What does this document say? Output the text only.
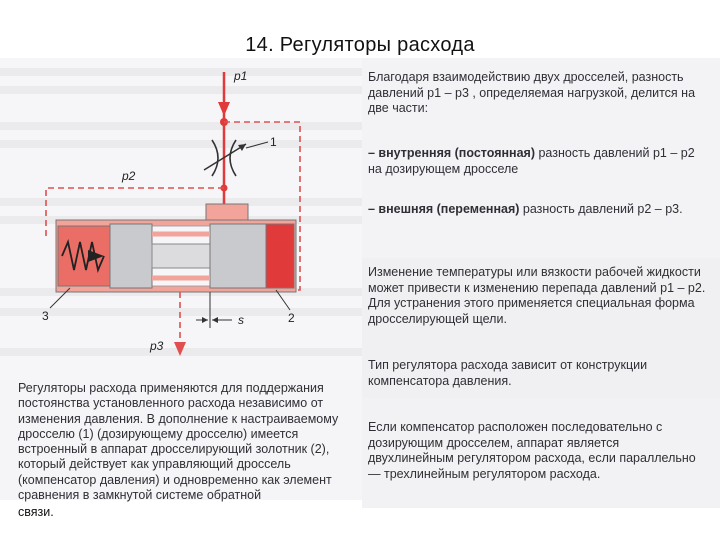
14. Регуляторы расхода
p1
1
p2
p3
s	2
3
Благодаря взаимодействию двух дросселей, разность давлений p1 – p3 , определяемая нагрузкой, делится на две части:
– внутренняя (постоянная) разность давлений p1 – p2 на дозирующем дросселе
– внешняя (переменная) разность давлений p2 – p3.
Изменение температуры или вязкости рабочей жидкости может привести к изменению перепада давлений p1 – p2. Для устранения этого применяется специальная форма дросселирующей щели.
Тип регулятора расхода зависит от конструкции компенсатора давления.
Если компенсатор расположен последовательно с дозирующим дросселем, аппарат является двухлинейным регулятором расхода, если параллельно — трехлинейным регулятором расхода.
Регуляторы расхода применяются для поддержания постоянства установленного расхода независимо от изменения давления. В дополнение к настраиваемому дросселю (1) (дозирующему дросселю) имеется встроенный в аппарат дросселирующий золотник (2), который действует как управляющий дроссель (компенсатор давления) и одновременно как элемент сравнения в замкнутой системе обратной
связи.
